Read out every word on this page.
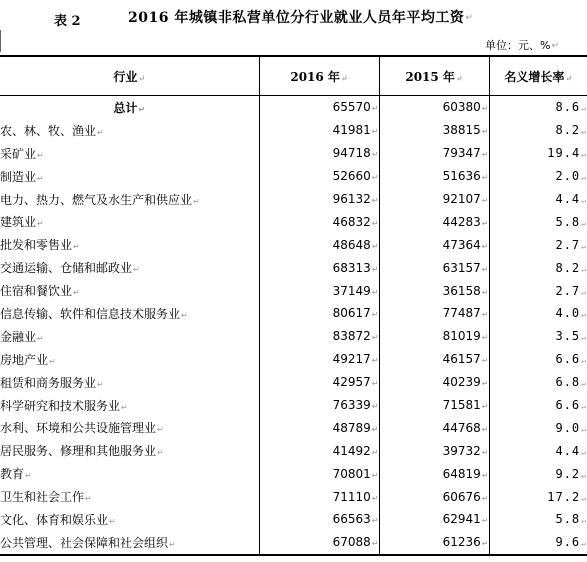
表 2	2016 年城镇非私营单位分行业就业人员年平均工资↵
单位：元、%↵
行业↵	2016 年↵	2015 年↵	名义增长率↵
总计↵	65570↵	60380↵	8.6↵
农、林、牧、渔业↵	41981↵	38815↵	8.2↵
采矿业↵	94718↵	79347↵	19.4↵
制造业↵	52660↵	51636↵	2.0↵
电力、热力、燃气及水生产和供应业↵	96132↵	92107↵	4.4↵
建筑业↵	46832↵	44283↵	5.8↵
批发和零售业↵	48648↵	47364↵	2.7↵
交通运输、仓储和邮政业↵	68313↵	63157↵	8.2↵
住宿和餐饮业↵	37149↵	36158↵	2.7↵
信息传输、软件和信息技术服务业↵	80617↵	77487↵	4.0↵
金融业↵	83872↵	81019↵	3.5↵
房地产业↵	49217↵	46157↵	6.6↵
租赁和商务服务业↵	42957↵	40239↵	6.8↵
科学研究和技术服务业↵	76339↵	71581↵	6.6↵
水利、环境和公共设施管理业↵	48789↵	44768↵	9.0↵
居民服务、修理和其他服务业↵	41492↵	39732↵	4.4↵
教育↵	70801↵	64819↵	9.2↵
卫生和社会工作↵	71110↵	60676↵	17.2↵
文化、体育和娱乐业↵	66563↵	62941↵	5.8↵
公共管理、社会保障和社会组织↵	67088↵	61236↵	9.6↵
